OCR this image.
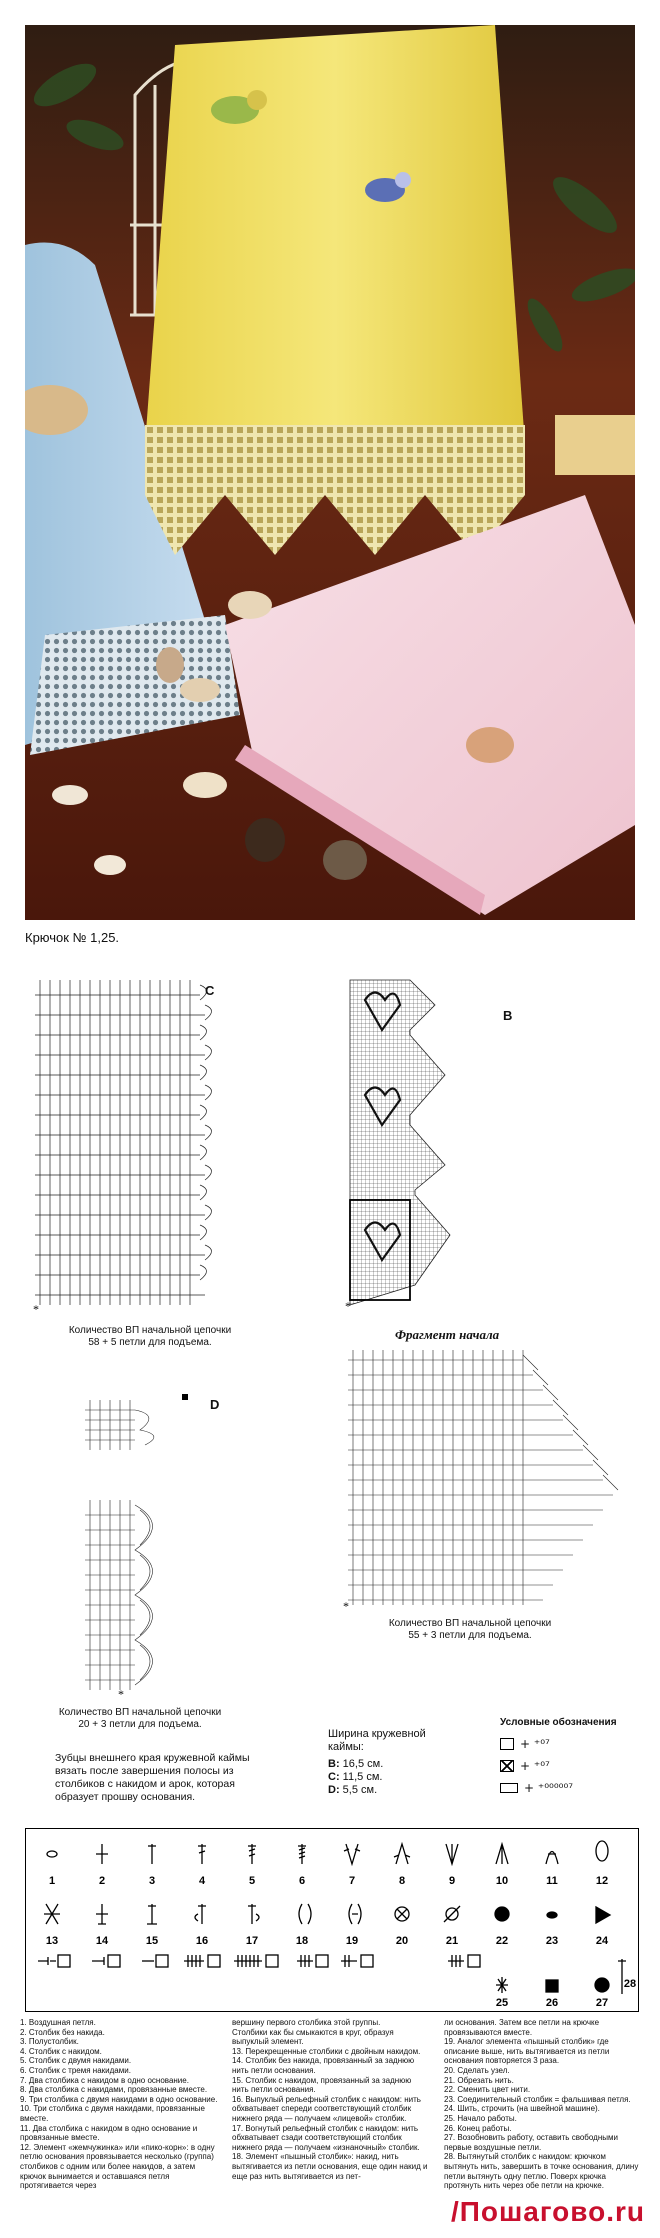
Крючок № 1,25.
*
C
Количество ВП начальной цепочки
58 + 5 петли для подъема.
*
B
Фрагмент начала
*
Количество ВП начальной цепочки
55 + 3 петли для подъема.
*
D
Количество ВП начальной цепочки
20 + 3 петли для подъема.
Зубцы внешнего края кружевной каймы вязать после завершения полосы из столбиков с накидом и арок, которая образует прошву основания.
Ширина кружевной каймы:
B: 16,5 см.
C: 11,5 см.
D: 5,5 см.
Условные обозначения
+ ⁺⁰⁷
+ ⁺⁰⁷
+ ⁺⁰⁰⁰⁰⁰⁷
1	2	3	4	5	6	7	8	9	10	11	12
13	14	15	16	17	18	19	20	21	22	23	24
25	26	27
28
1. Воздушная петля.
2. Столбик без накида.
3. Полустолбик.
4. Столбик с накидом.
5. Столбик с двумя накидами.
6. Столбик с тремя накидами.
7. Два столбика с накидом в одно основание.
8. Два столбика с накидами, провязанные вместе.
9. Три столбика с двумя накидами в одно основание.
10. Три столбика с двумя накидами, провязанные вместе.
11. Два столбика с накидом в одно основание и провязанные вместе.
12. Элемент «жемчужинка» или «пико-корн»: в одну петлю основания провязывается несколько (группа) столбиков с одним или более накидов, а затем крючок вынимается и оставшаяся петля протягивается через
вершину первого столбика этой группы.
Столбики как бы смыкаются в круг, образуя выпуклый элемент.
13. Перекрещенные столбики с двойным накидом.
14. Столбик без накида, провязанный за заднюю нить петли основания.
15. Столбик с накидом, провязанный за заднюю нить петли основания.
16. Выпуклый рельефный столбик с накидом: нить обхватывает спереди соответствующий столбик нижнего ряда — получаем «лицевой» столбик.
17. Вогнутый рельефный столбик с накидом: нить обхватывает сзади соответствующий столбик нижнего ряда — получаем «изнаночный» столбик.
18. Элемент «пышный столбик»: накид, нить вытягивается из петли основания, еще один накид и еще раз нить вытягивается из пет-
ли основания. Затем все петли на крючке провязываются вместе.
19. Аналог элемента «пышный столбик» где описание выше, нить вытягивается из петли основания повторяется 3 раза.
20. Сделать узел.
21. Обрезать нить.
22. Сменить цвет нити.
23. Соединительный столбик = фальшивая петля.
24. Шить, строчить (на швейной машине).
25. Начало работы.
26. Конец работы.
27. Возобновить работу, оставить свободными первые воздушные петли.
28. Вытянутый столбик с накидом: крючком вытянуть нить, завершить в точке основания, длину петли вытянуть одну петлю. Поверх крючка протянуть нить через обе петли на крючке.
/Пошагово.ru
